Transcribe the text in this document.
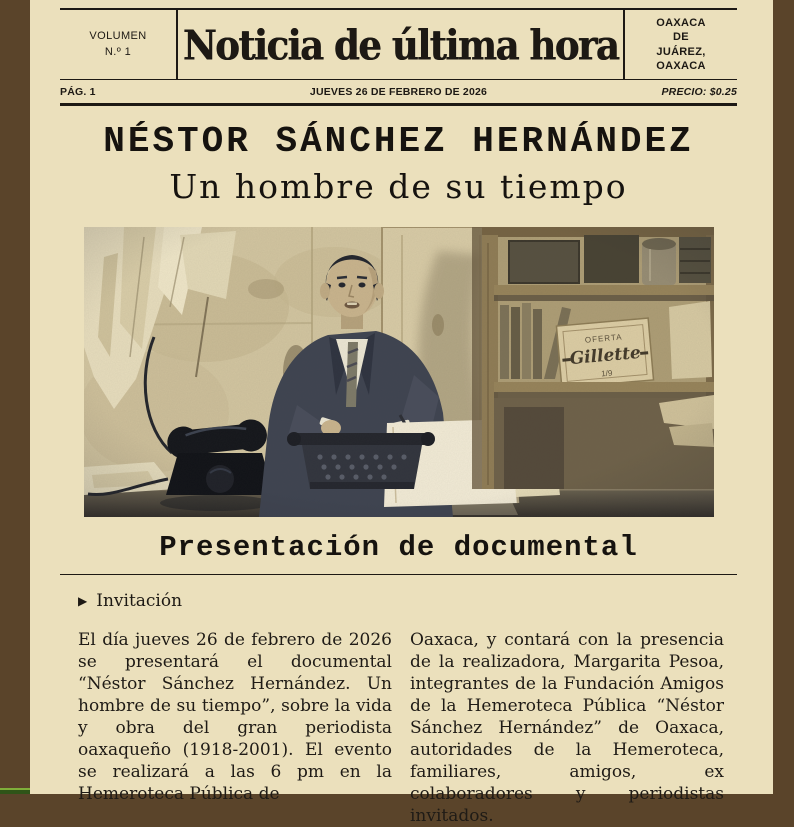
VOLUMEN
N.º 1 Noticia de última hora	OAXACA
DE
JUÁREZ,
OAXACA
PÁG. 1	JUEVES 26 DE FEBRERO DE 2026	PRECIO: $0.25
NÉSTOR SÁNCHEZ HERNÁNDEZ
Un hombre de su tiempo
Presentación de documental
▶ Invitación

El día jueves 26 de febrero de 2026 se presentará el documental “Néstor Sánchez Hernández. Un hombre de su tiempo”, sobre la vida y obra del gran periodista oaxaqueño (1918-2001). El evento se realizará a las 6 pm en la Hemeroteca Pública de

Oaxaca, y contará con la presencia de la realizadora, Margarita Pesoa, integrantes de la Fundación Amigos de la Hemeroteca Pública “Néstor Sánchez Hernández” de Oaxaca, autoridades de la Hemeroteca, familiares, amigos, ex colaboradores y periodistas invitados.
